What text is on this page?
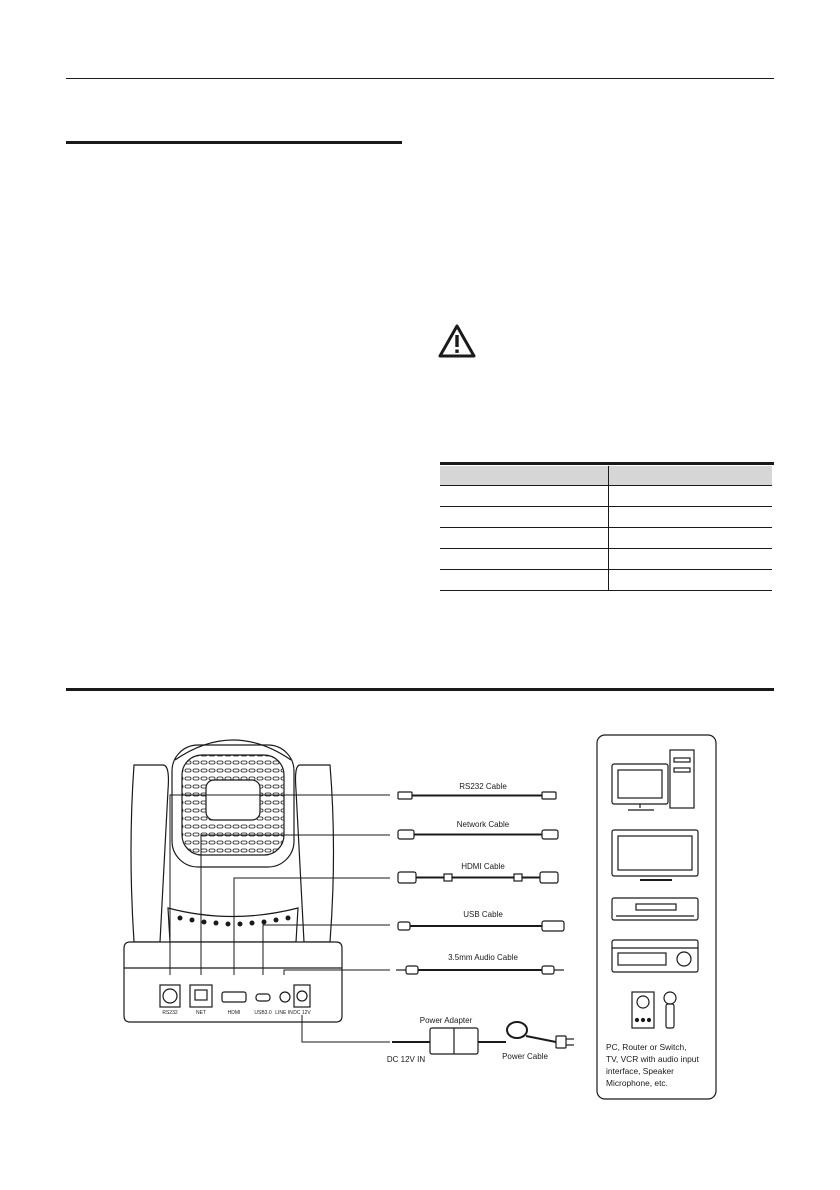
RS232	NET	HDMI	USB3.0 LINE IN DC 12V
RS232 Cable
Network Cable
HDMI Cable
USB Cable
3.5mm Audio Cable
Power Adapter
Power Cable
DC 12V IN
PC, Router or Switch,
TV, VCR with audio input
interface, Speaker
Microphone, etc.
